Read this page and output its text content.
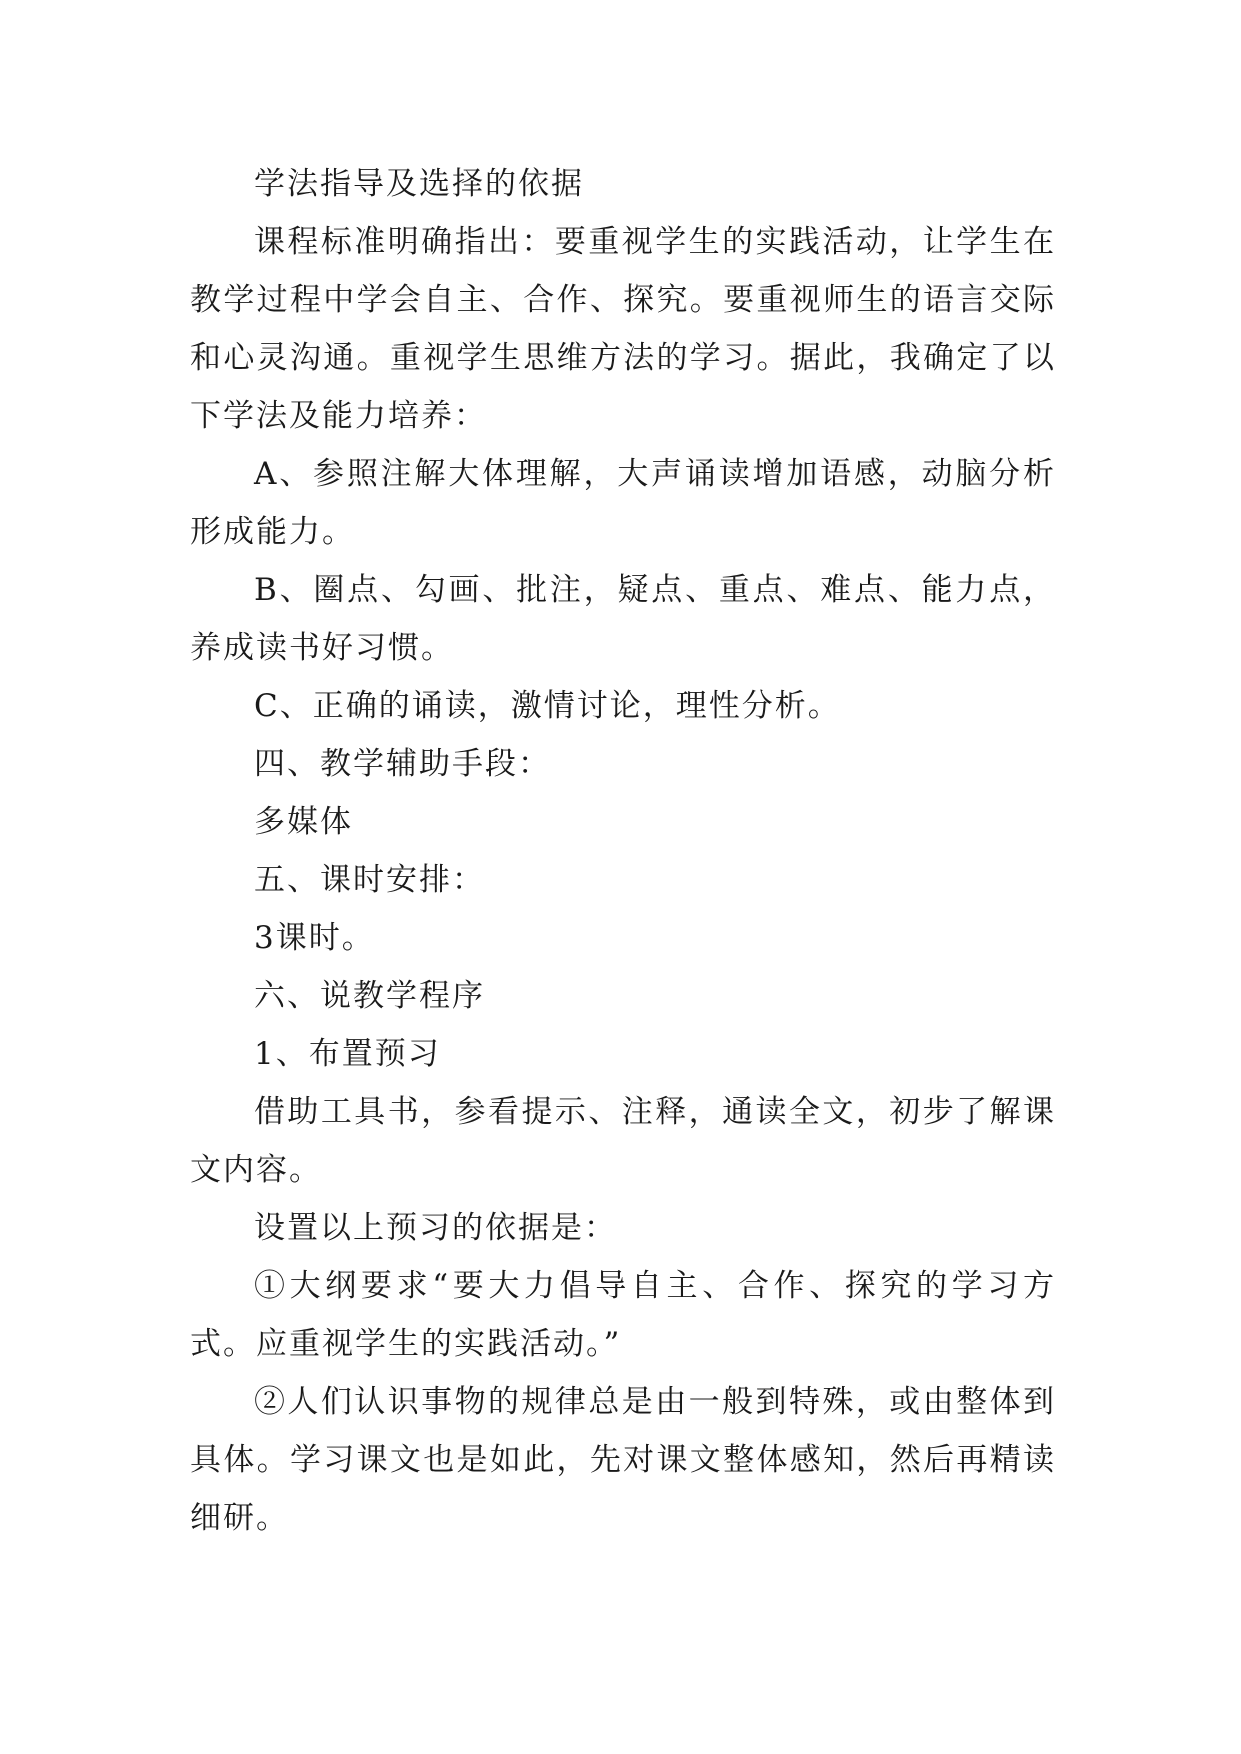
学法指导及选择的依据

课程标准明确指出：要重视学生的实践活动，让学生在教学过程中学会自主、合作、探究。要重视师生的语言交际和心灵沟通。重视学生思维方法的学习。据此，我确定了以下学法及能力培养：

A、参照注解大体理解，大声诵读增加语感，动脑分析形成能力。

B、圈点、勾画、批注，疑点、重点、难点、能力点，养成读书好习惯。

C、正确的诵读，激情讨论，理性分析。

四、教学辅助手段：

多媒体

五、课时安排：

3课时。

六、说教学程序

1、布置预习

借助工具书，参看提示、注释，通读全文，初步了解课文内容。

设置以上预习的依据是：

①大纲要求“要大力倡导自主、合作、探究的学习方式。应重视学生的实践活动。”

②人们认识事物的规律总是由一般到特殊，或由整体到具体。学习课文也是如此，先对课文整体感知，然后再精读细研。
